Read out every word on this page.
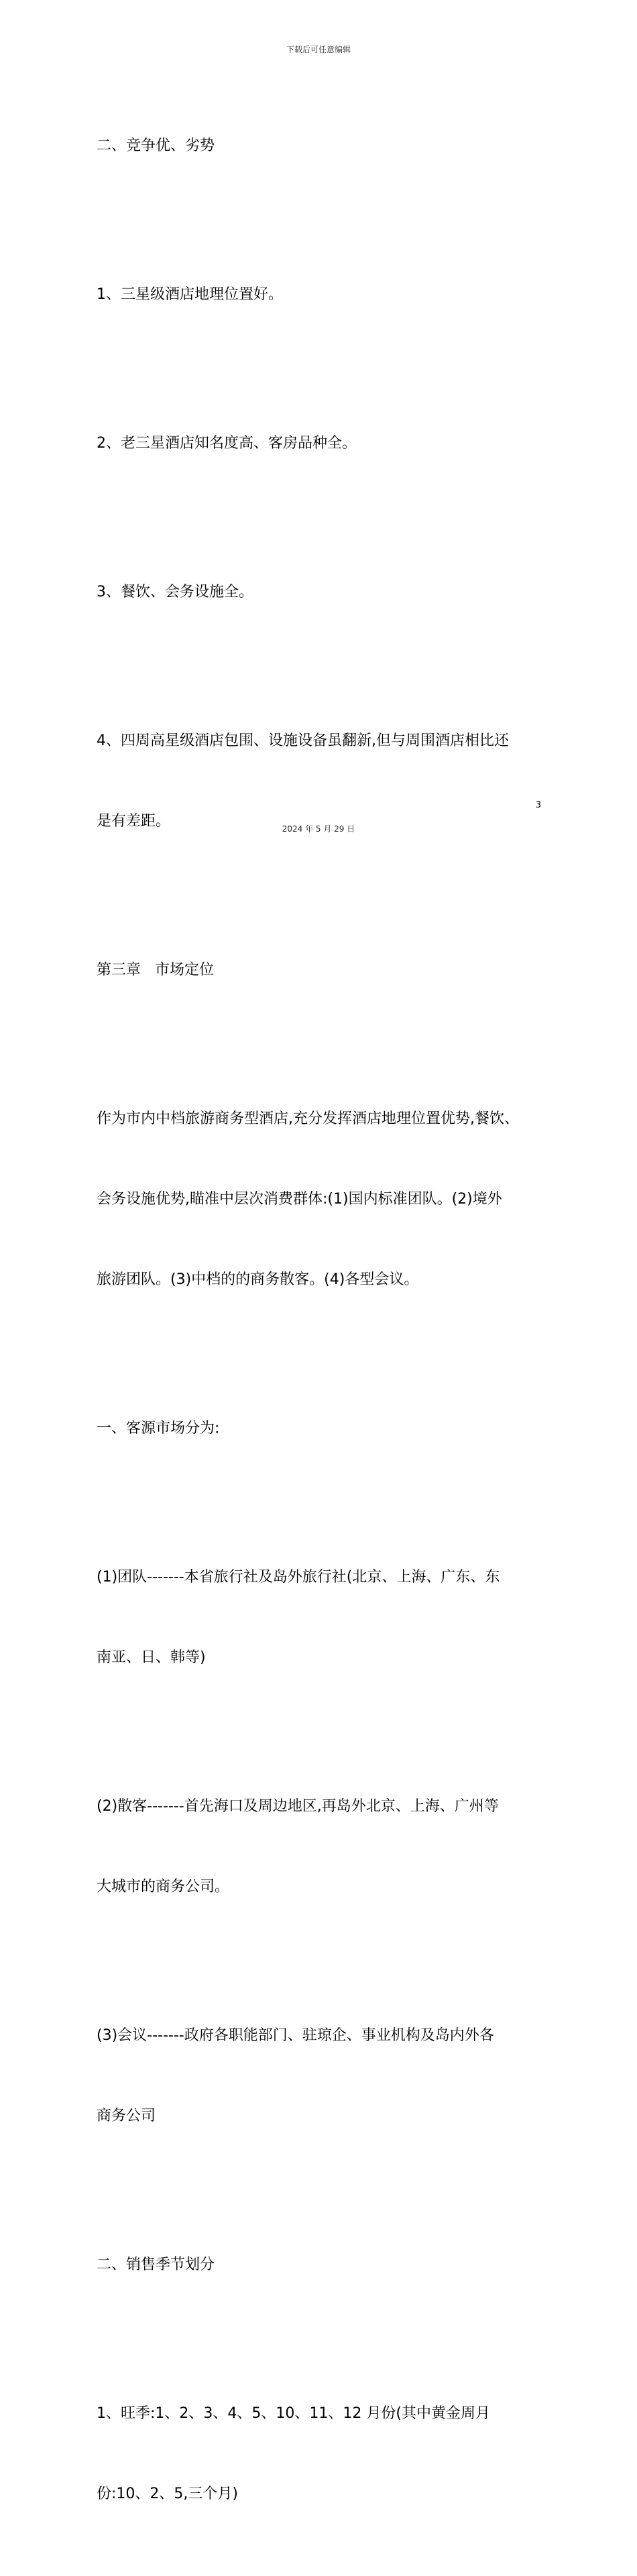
下载后可任意编辑

二、竞争优、劣势

1、三星级酒店地理位置好。

2、老三星酒店知名度高、客房品种全。

3、餐饮、会务设施全。

4、四周高星级酒店包围、设施设备虽翻新,但与周围酒店相比还

是有差距。

第三章   市场定位

作为市内中档旅游商务型酒店,充分发挥酒店地理位置优势,餐饮、

会务设施优势,瞄准中层次消费群体:(1)国内标准团队。(2)境外

旅游团队。(3)中档的的商务散客。(4)各型会议。

一、客源市场分为:

(1)团队-------本省旅行社及岛外旅行社(北京、上海、广东、东

南亚、日、韩等)

(2)散客-------首先海口及周边地区,再岛外北京、上海、广州等

大城市的商务公司。

(3)会议-------政府各职能部门、驻琼企、事业机构及岛内外各

商务公司

二、销售季节划分

1、旺季:1、2、3、4、5、10、11、12 月份(其中黄金周月

份:10、2、5,三个月)

3
2024 年 5 月 29 日
